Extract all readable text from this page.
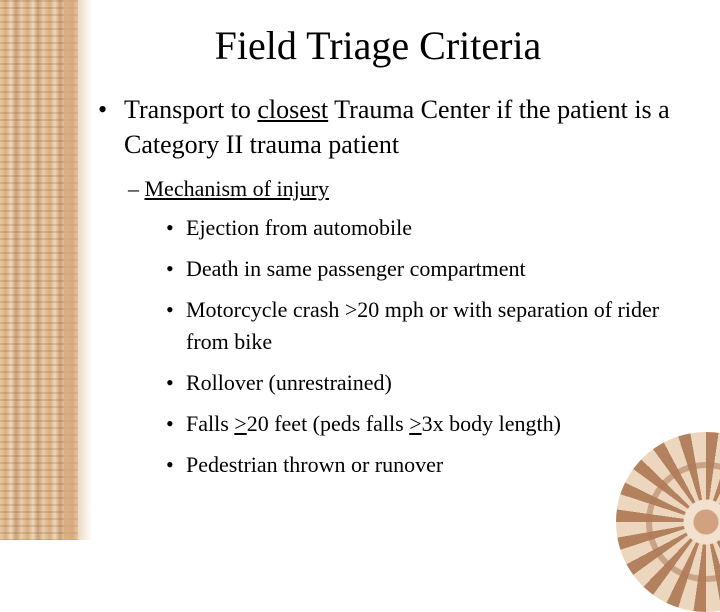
Field Triage Criteria
• Transport to closest Trauma Center if the patient is a Category II trauma patient
– Mechanism of injury
• Ejection from automobile
• Death in same passenger compartment
• Motorcycle crash >20 mph or with separation of rider from bike
• Rollover (unrestrained)
• Falls >20 feet (peds falls >3x body length)
• Pedestrian thrown or runover
